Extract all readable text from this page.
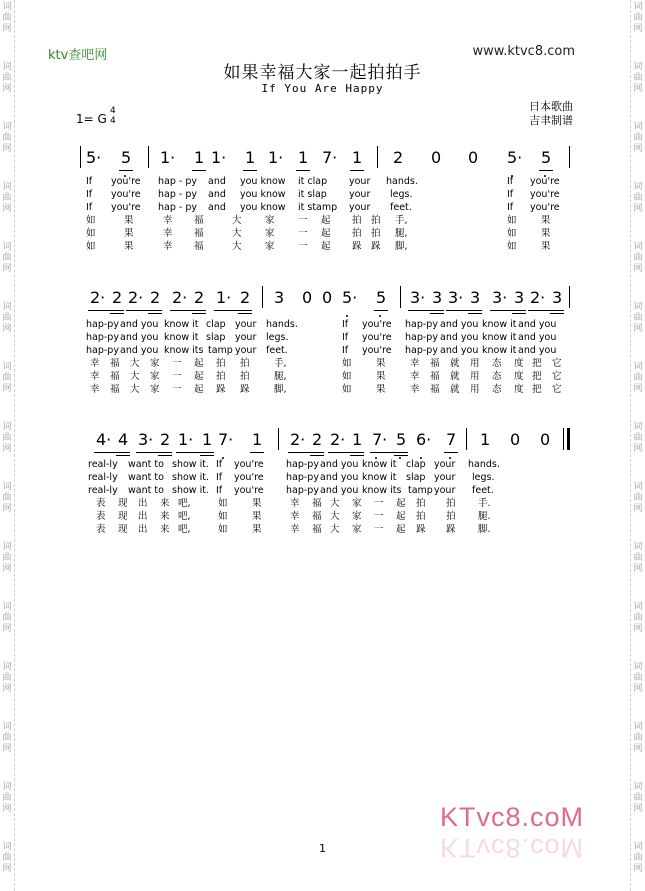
词
曲
网
词
曲
网
词
曲
网
词
曲
网
词
曲
网
词
曲
网
词
曲
网
词
曲
网
词
曲
网
词
曲
网
词
曲
网
词
曲
网
词
曲
网
词
曲
网
词
曲
网
词
曲
网
词
曲
网
词
曲
网
词
曲
网
词
曲
网
词
曲
网
词
曲
网
词
曲
网
词
曲
网
词
曲
网
词
曲
网
词
曲
网
词
曲
网
词
曲
网
词
曲
网
ktv查吧网	www.ktvc8.com
如果幸福大家一起拍拍手
If You Are Happy
1= G
4
4
日本歌曲
吉聿制谱
5· 5 1· 1 1· 1 1· 1 7· 1 2 0 0 5· 5
If you're hap - py and you know it clap your hands.	If you're
If you're hap - py and you know it slap your legs.	If you're
If you're hap - py and you know it stamp your feet.	If you're
如	果	幸 福	大 家 一 起 拍 拍 手,	如	果
如	果	幸 福	大 家 一 起 拍 拍 腿,	如	果
如	果	幸 福	大 家 一 起 跺 跺 脚,	如	果
2· 2 2· 2 2· 2 1· 2 3 0 0 5· 5 3· 3 3· 3 3· 3 2· 3
hap-py and you know it clap your hands.	If you're hap-py and you know it and you
hap-py and you know it slap your legs.	If you're hap-py and you know it and you
hap-py and you know its tamp your feet.	If you're hap-py and you know it and you
幸 福 大 家 一 起 拍 拍	手,	如	果	幸 福 就 用 态 度 把 它
幸 福 大 家 一 起 拍 拍	腿,	如	果	幸 福 就 用 态 度 把 它
幸 福 大 家 一 起 跺 跺	脚,	如	果	幸 福 就 用 态 度 把 它
4· 4 3· 2 1· 1 7· 1 2· 2 2· 1 7· 5 6· 7 1 0 0
real-ly want to show it. If you're hap-py and you know it clap your hands.
real-ly want to show it. If you're hap-py and you know it slap your legs.
real-ly want to show it. If you're hap-py and you know its tamp your feet.
表 现 出 来 吧,	如	果	幸 福 大 家 一 起 拍 拍 手.
表 现 出 来 吧,	如	果	幸 福 大 家 一 起 拍 拍 腿.
表 现 出 来 吧,	如	果	幸 福 大 家 一 起 跺 跺 脚.
KTvc8.coM
KTvc8.coM
1
